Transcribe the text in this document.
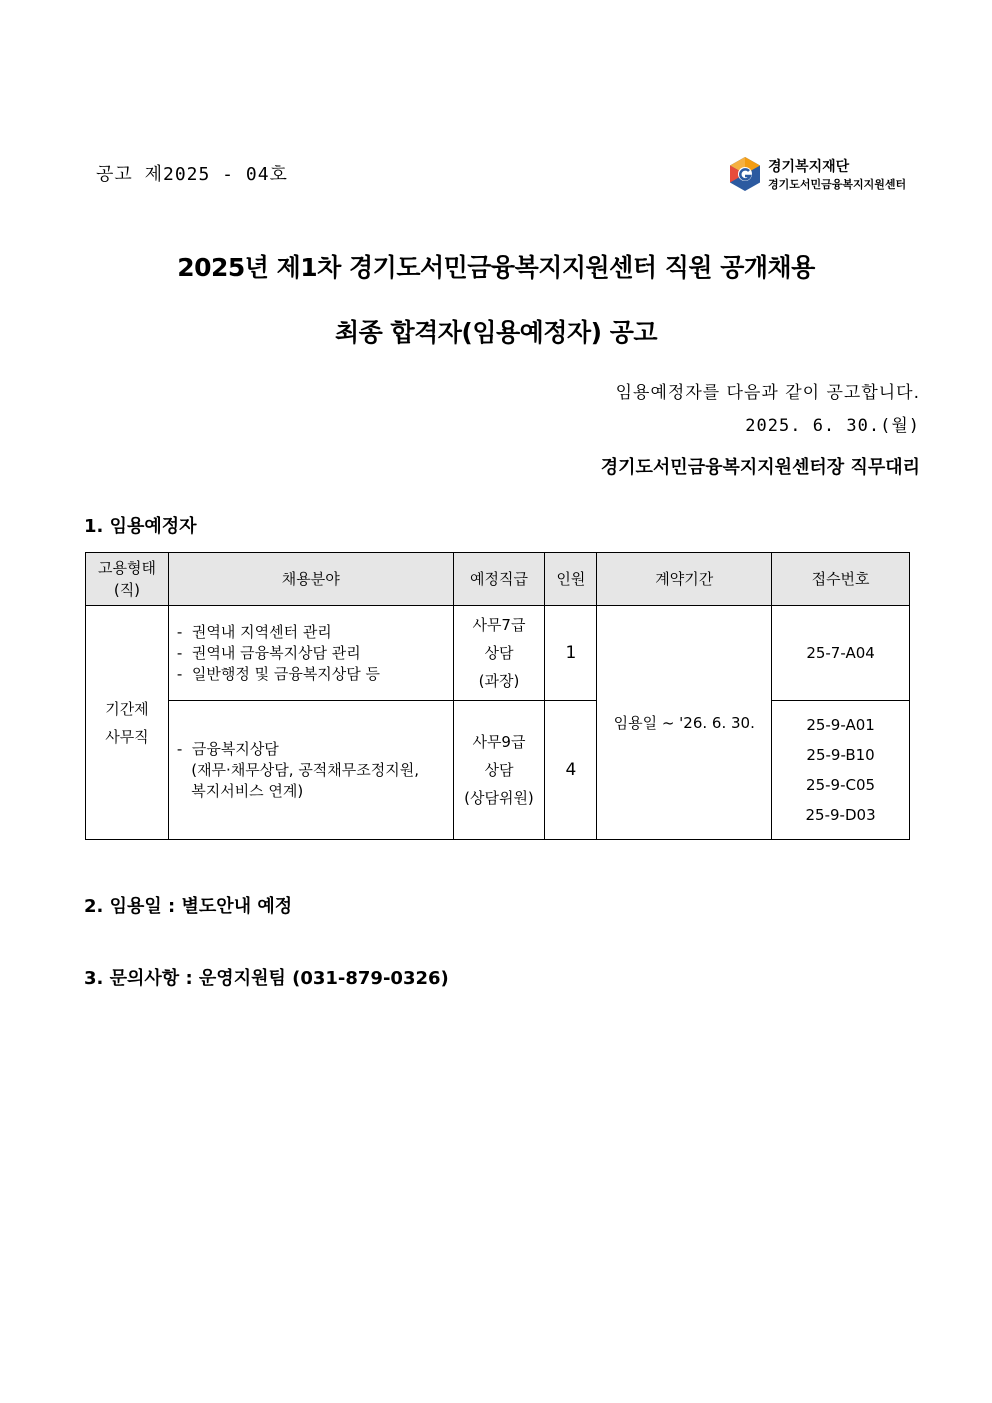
공고 제2025 - 04호	경기복지재단
경기도서민금융복지지원센터
2025년 제1차 경기도서민금융복지지원센터 직원 공개채용
최종 합격자(임용예정자) 공고
임용예정자를 다음과 같이 공고합니다.
2025. 6. 30.(월)
경기도서민금융복지지원센터장 직무대리
1. 임용예정자
고용형태
(직)	채용분야	예정직급	인원	계약기간	접수번호
기간제
사무직	-  권역내 지역센터 관리
-  권역내 금융복지상담 관리
-  일반행정 및 금융복지상담 등	사무7급
상담
(과장)	1	임용일 ~ '26. 6. 30.	25-7-A04
	-  금융복지상담
(재무·채무상담, 공적채무조정지원,
복지서비스 연계)	사무9급
상담
(상담위원)	4		25-9-A01
25-9-B10
25-9-C05
25-9-D03
2. 임용일 : 별도안내 예정
3. 문의사항 : 운영지원팀 (031-879-0326)
